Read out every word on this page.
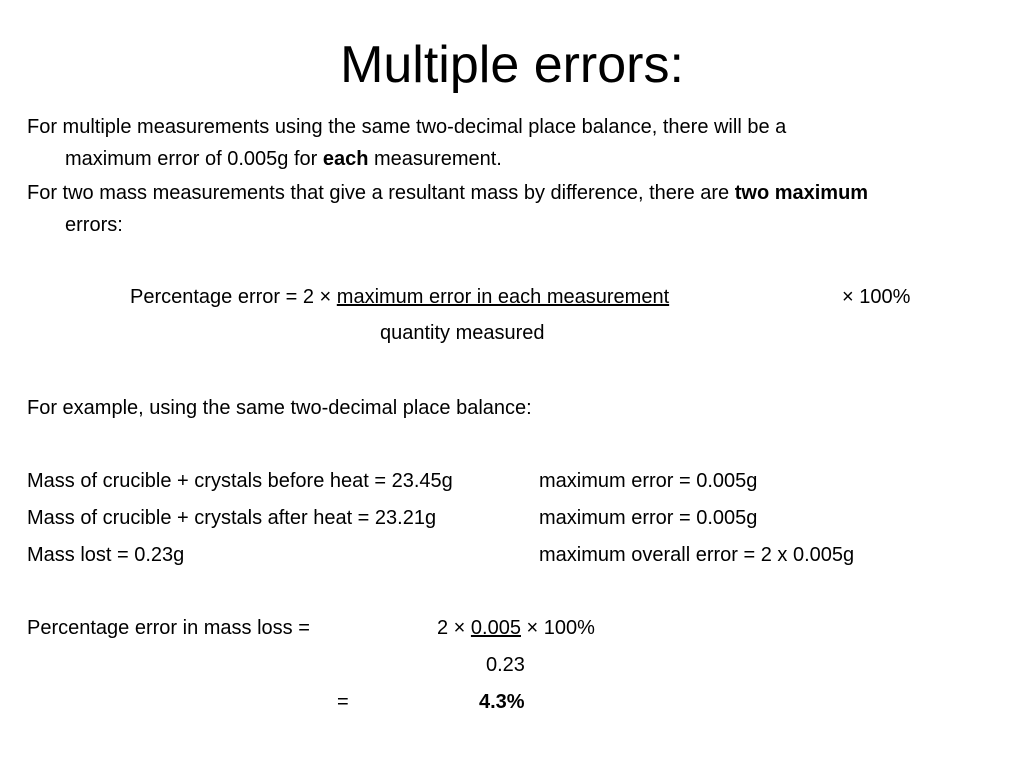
Multiple errors:
For multiple measurements using the same two-decimal place balance, there will be a
maximum error of 0.005g for each measurement.
For two mass measurements that give a resultant mass by difference, there are two maximum
errors:
Percentage error = 2 × maximum error in each measurement	× 100%
quantity measured
For example, using the same two-decimal place balance:
Mass of crucible + crystals before heat = 23.45g	maximum error = 0.005g
Mass of crucible + crystals after heat = 23.21g	maximum error = 0.005g
Mass lost = 0.23g	maximum overall error = 2 x 0.005g
Percentage error in mass loss =	2 × 0.005 × 100%
0.23
=	4.3%
